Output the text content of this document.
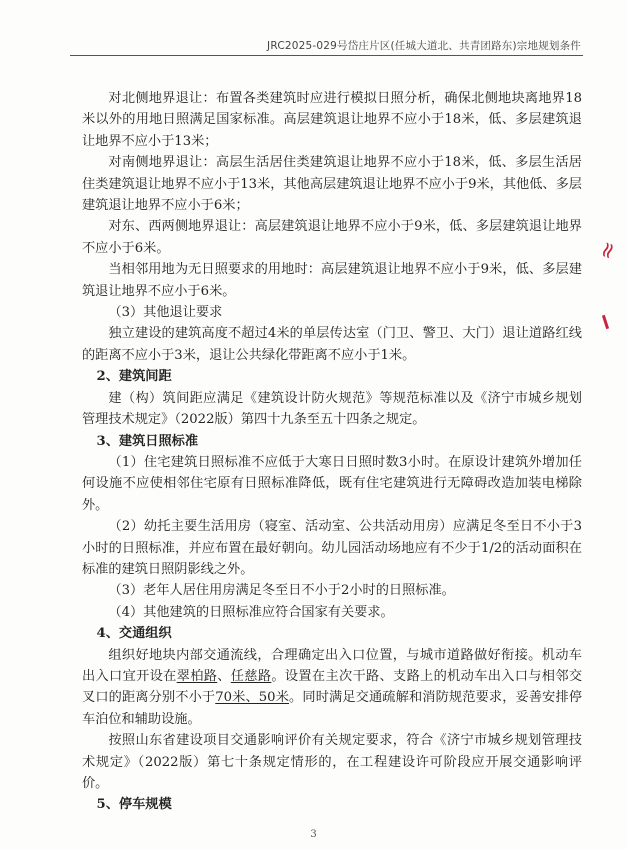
JRC2025-029号岱庄片区(任城大道北、共青团路东)宗地规划条件

对北侧地界退让：布置各类建筑时应进行模拟日照分析，确保北侧地块离地界18米以外的用地日照满足国家标准。高层建筑退让地界不应小于18米，低、多层建筑退让地界不应小于13米；

对南侧地界退让：高层生活居住类建筑退让地界不应小于18米，低、多层生活居住类建筑退让地界不应小于13米，其他高层建筑退让地界不应小于9米，其他低、多层建筑退让地界不应小于6米；

对东、西两侧地界退让：高层建筑退让地界不应小于9米，低、多层建筑退让地界不应小于6米。

当相邻用地为无日照要求的用地时：高层建筑退让地界不应小于9米，低、多层建筑退让地界不应小于6米。

（3）其他退让要求

独立建设的建筑高度不超过4米的单层传达室（门卫、警卫、大门）退让道路红线的距离不应小于3米，退让公共绿化带距离不应小于1米。

2、建筑间距

建（构）筑间距应满足《建筑设计防火规范》等规范标准以及《济宁市城乡规划管理技术规定》（2022版）第四十九条至五十四条之规定。

3、建筑日照标准

（1）住宅建筑日照标准不应低于大寒日日照时数3小时。在原设计建筑外增加任何设施不应使相邻住宅原有日照标准降低，既有住宅建筑进行无障碍改造加装电梯除外。

（2）幼托主要生活用房（寝室、活动室、公共活动用房）应满足冬至日不小于3小时的日照标准，并应布置在最好朝向。幼儿园活动场地应有不少于1/2的活动面积在标准的建筑日照阴影线之外。

（3）老年人居住用房满足冬至日不小于2小时的日照标准。

（4）其他建筑的日照标准应符合国家有关要求。

4、交通组织

组织好地块内部交通流线，合理确定出入口位置，与城市道路做好衔接。机动车出入口宜开设在翠柏路、任慈路。设置在主次干路、支路上的机动车出入口与相邻交叉口的距离分别不小于70米、50米。同时满足交通疏解和消防规范要求，妥善安排停车泊位和辅助设施。

按照山东省建设项目交通影响评价有关规定要求，符合《济宁市城乡规划管理技术规定》（2022版）第七十条规定情形的，在工程建设许可阶段应开展交通影响评价。

5、停车规模

3
≈
